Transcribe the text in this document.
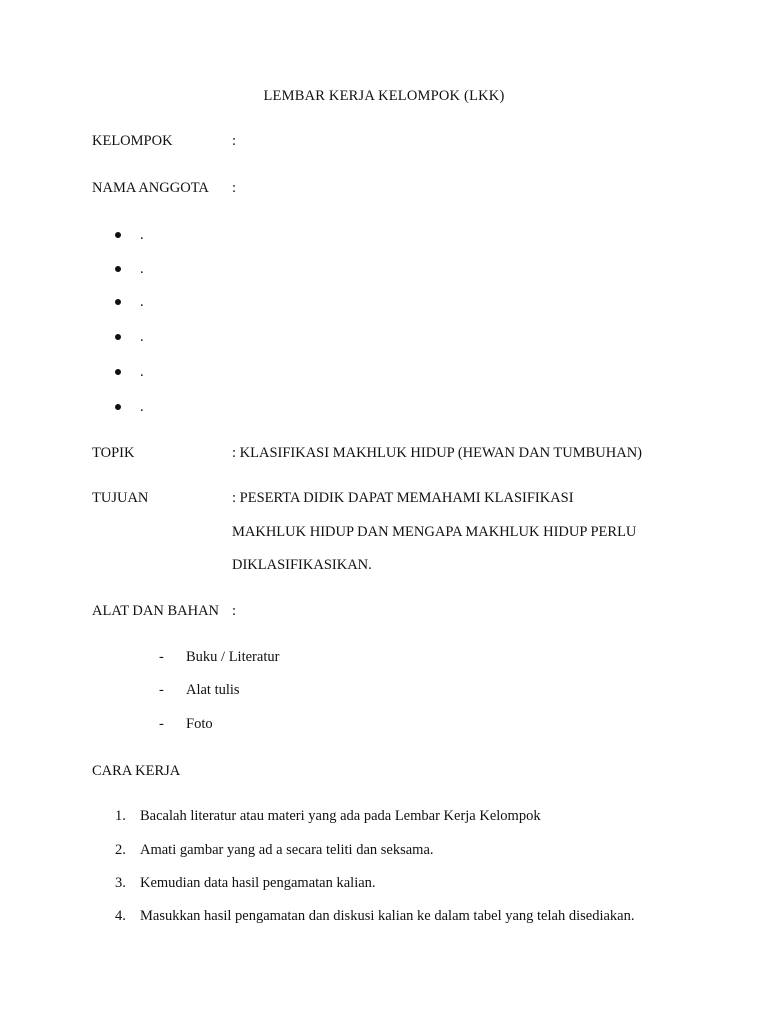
LEMBAR KERJA KELOMPOK (LKK)
KELOMPOK	:
NAMA ANGGOTA :
.
.
.
.
.
.
TOPIK	: KLASIFIKASI MAKHLUK HIDUP (HEWAN DAN TUMBUHAN)
TUJUAN	: PESERTA DIDIK DAPAT MEMAHAMI KLASIFIKASI
MAKHLUK HIDUP DAN MENGAPA MAKHLUK HIDUP PERLU
DIKLASIFIKASIKAN.
ALAT DAN BAHAN :
- Buku / Literatur
- Alat tulis
- Foto
CARA KERJA
1. Bacalah literatur atau materi yang ada pada Lembar Kerja Kelompok
2. Amati gambar yang ad a secara teliti dan seksama.
3. Kemudian data hasil pengamatan kalian.
4. Masukkan hasil pengamatan dan diskusi kalian ke dalam tabel yang telah disediakan.
